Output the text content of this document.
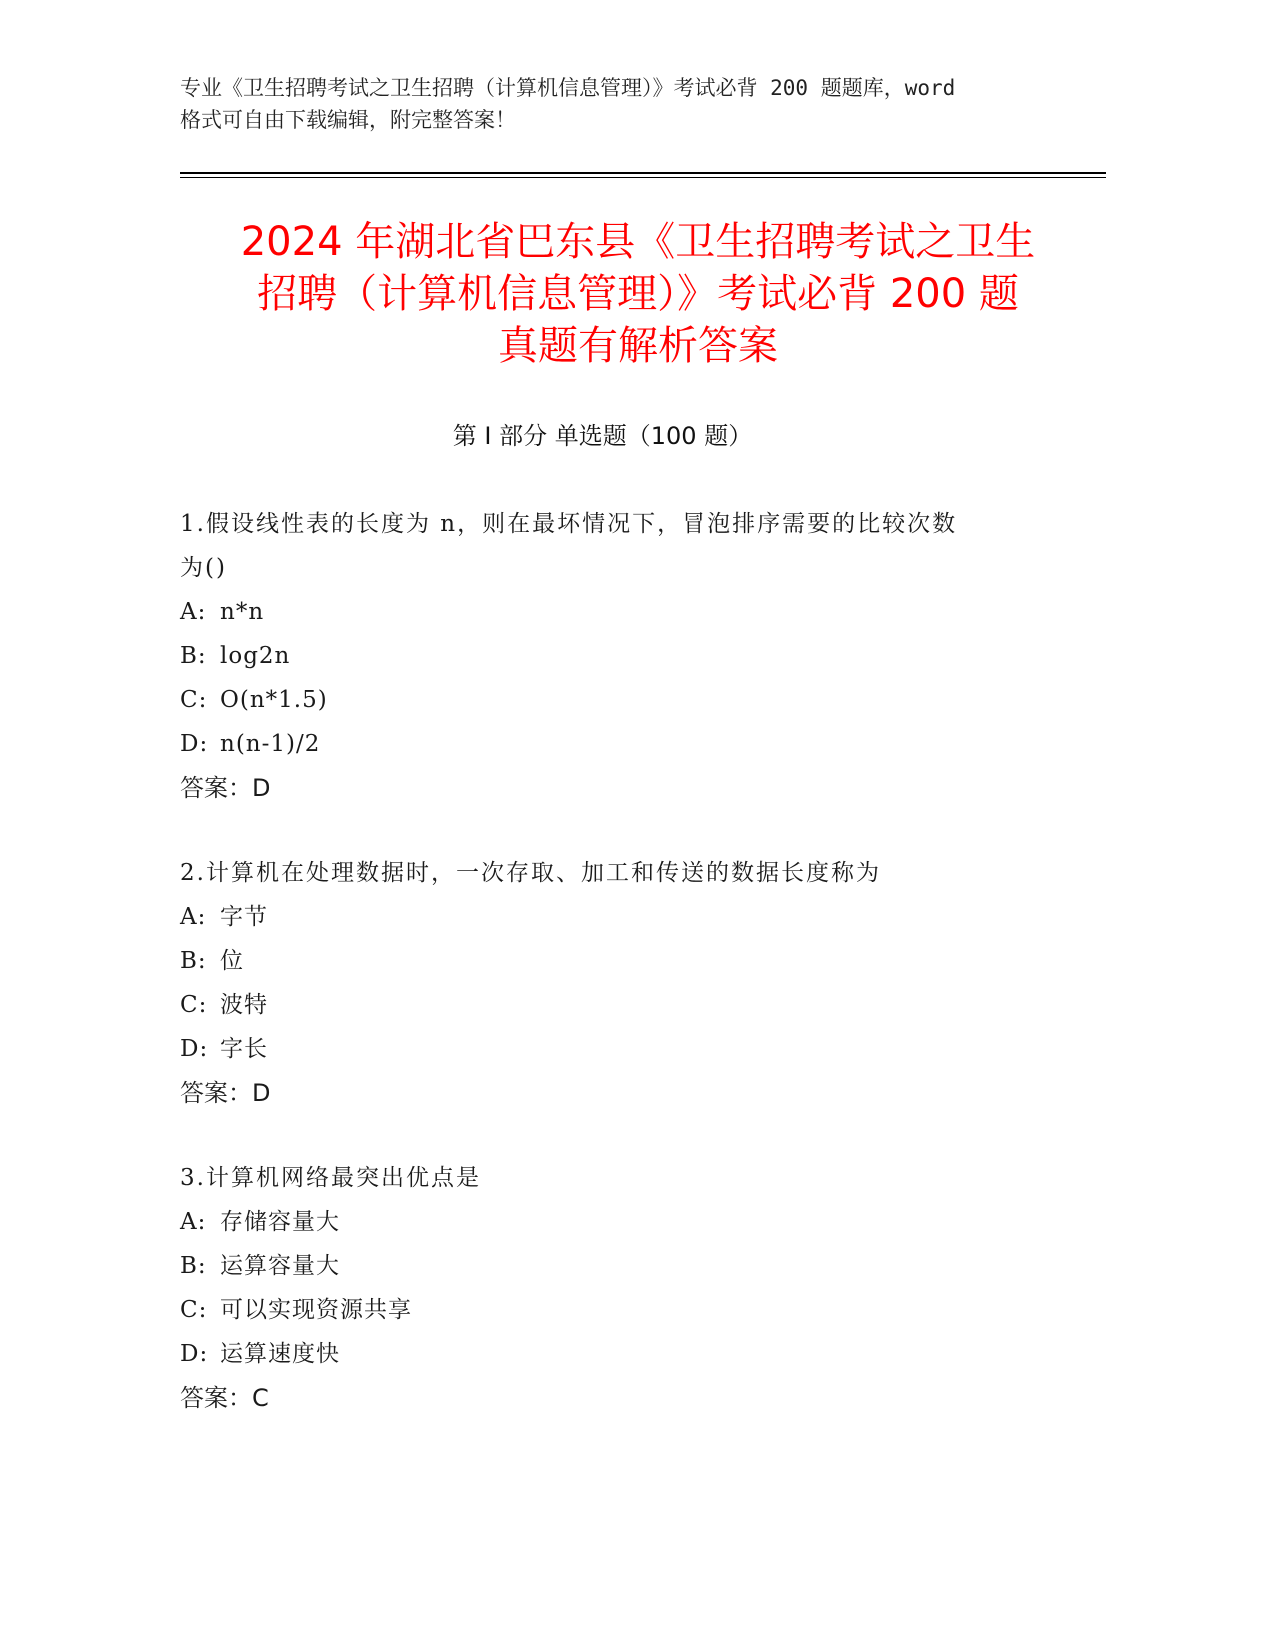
专业《卫生招聘考试之卫生招聘（计算机信息管理）》考试必背 200 题题库，word
格式可自由下载编辑，附完整答案！
2024 年湖北省巴东县《卫生招聘考试之卫生
招聘（计算机信息管理）》考试必背 200 题
真题有解析答案
第 I 部分 单选题（100 题）
1.假设线性表的长度为 n，则在最坏情况下，冒泡排序需要的比较次数
为()
A: n*n
B: log2n
C: O(n*1.5)
D: n(n-1)/2
答案：D
2.计算机在处理数据时，一次存取、加工和传送的数据长度称为
A: 字节
B: 位
C: 波特
D: 字长
答案：D
3.计算机网络最突出优点是
A: 存储容量大
B: 运算容量大
C: 可以实现资源共享
D: 运算速度快
答案：C
